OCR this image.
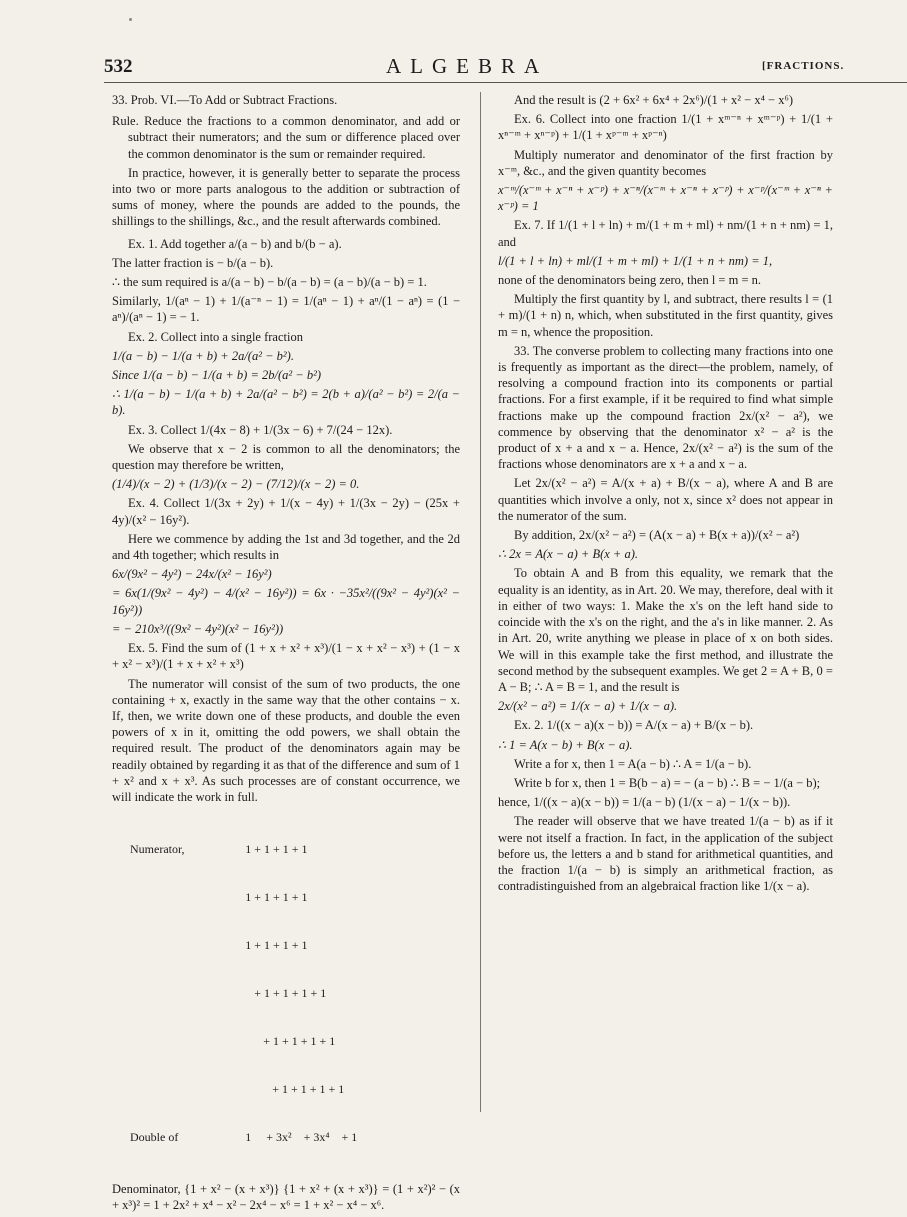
532	ALGEBRA	[FRACTIONS.

33. Prob. VI.—To Add or Subtract Fractions.

Rule. Reduce the fractions to a common denominator, and add or subtract their numerators; and the sum or difference placed over the common denominator is the sum or remainder required.

In practice, however, it is generally better to separate the process into two or more parts analogous to the addition or subtraction of sums of money, where the pounds are added to the pounds, the shillings to the shillings, &c., and the result afterwards combined.

Ex. 1. Add together a/(a − b) and b/(b − a).

The latter fraction is − b/(a − b).

∴ the sum required is a/(a − b) − b/(a − b) = (a − b)/(a − b) = 1.

Similarly, 1/(aⁿ − 1) + 1/(a⁻ⁿ − 1) = 1/(aⁿ − 1) + aⁿ/(1 − aⁿ) = (1 − aⁿ)/(aⁿ − 1) = − 1.

Ex. 2. Collect into a single fraction

1/(a − b) − 1/(a + b) + 2a/(a² − b²).

Since 1/(a − b) − 1/(a + b) = 2b/(a² − b²)

∴ 1/(a − b) − 1/(a + b) + 2a/(a² − b²) = 2(b + a)/(a² − b²) = 2/(a − b).

Ex. 3. Collect 1/(4x − 8) + 1/(3x − 6) + 7/(24 − 12x).

We observe that x − 2 is common to all the denominators; the question may therefore be written,

(1/4)/(x − 2) + (1/3)/(x − 2) − (7/12)/(x − 2) = 0.

Ex. 4. Collect 1/(3x + 2y) + 1/(x − 4y) + 1/(3x − 2y) − (25x + 4y)/(x² − 16y²).

Here we commence by adding the 1st and 3d together, and the 2d and 4th together; which results in

6x/(9x² − 4y²) − 24x/(x² − 16y²)

= 6x(1/(9x² − 4y²) − 4/(x² − 16y²)) = 6x · −35x²/((9x² − 4y²)(x² − 16y²))

= − 210x³/((9x² − 4y²)(x² − 16y²))

Ex. 5. Find the sum of (1 + x + x² + x³)/(1 − x + x² − x³) + (1 − x + x² − x³)/(1 + x + x² + x³)

The numerator will consist of the sum of two products, the one containing + x, exactly in the same way that the other contains − x. If, then, we write down one of these products, and double the even powers of x in it, omitting the odd powers, we shall obtain the required result. The product of the denominators again may be readily obtained by regarding it as that of the difference and sum of 1 + x² and x + x³. As such processes are of constant occurrence, we will indicate the work in full.

Numerator,	1 + 1 + 1 + 1

1 + 1 + 1 + 1

1 + 1 + 1 + 1

+ 1 + 1 + 1 + 1

+ 1 + 1 + 1 + 1

+ 1 + 1 + 1 + 1

Double of	1     + 3x²    + 3x⁴    + 1

Denominator, {1 + x² − (x + x³)} {1 + x² + (x + x³)} = (1 + x²)² − (x + x³)² = 1 + 2x² + x⁴ − x² − 2x⁴ − x⁶ = 1 + x² − x⁴ − x⁶.

And the result is (2 + 6x² + 6x⁴ + 2x⁶)/(1 + x² − x⁴ − x⁶)

Ex. 6. Collect into one fraction 1/(1 + xᵐ⁻ⁿ + xᵐ⁻ᵖ) + 1/(1 + xⁿ⁻ᵐ + xⁿ⁻ᵖ) + 1/(1 + xᵖ⁻ᵐ + xᵖ⁻ⁿ)

Multiply numerator and denominator of the first fraction by x⁻ᵐ, &c., and the given quantity becomes

x⁻ᵐ/(x⁻ᵐ + x⁻ⁿ + x⁻ᵖ) + x⁻ⁿ/(x⁻ᵐ + x⁻ⁿ + x⁻ᵖ) + x⁻ᵖ/(x⁻ᵐ + x⁻ⁿ + x⁻ᵖ) = 1

Ex. 7. If 1/(1 + l + ln) + m/(1 + m + ml) + nm/(1 + n + nm) = 1, and

l/(1 + l + ln) + ml/(1 + m + ml) + 1/(1 + n + nm) = 1,

none of the denominators being zero, then l = m = n.

Multiply the first quantity by l, and subtract, there results l = (1 + m)/(1 + n) n, which, when substituted in the first quantity, gives m = n, whence the proposition.

33. The converse problem to collecting many fractions into one is frequently as important as the direct—the problem, namely, of resolving a compound fraction into its components or partial fractions. For a first example, if it be required to find what simple fractions make up the compound fraction 2x/(x² − a²), we commence by observing that the denominator x² − a² is the product of x + a and x − a. Hence, 2x/(x² − a²) is the sum of the fractions whose denominators are x + a and x − a.

Let 2x/(x² − a²) = A/(x + a) + B/(x − a), where A and B are quantities which involve a only, not x, since x² does not appear in the numerator of the sum.

By addition, 2x/(x² − a²) = (A(x − a) + B(x + a))/(x² − a²)

∴ 2x = A(x − a) + B(x + a).

To obtain A and B from this equality, we remark that the equality is an identity, as in Art. 20. We may, therefore, deal with it in either of two ways: 1. Make the x's on the left hand side to coincide with the x's on the right, and the a's in like manner. 2. As in Art. 20, write anything we please in place of x on both sides. We will in this example take the first method, and illustrate the second method by the subsequent examples. We get 2 = A + B, 0 = A − B; ∴ A = B = 1, and the result is

2x/(x² − a²) = 1/(x − a) + 1/(x − a).

Ex. 2. 1/((x − a)(x − b)) = A/(x − a) + B/(x − b).

∴ 1 = A(x − b) + B(x − a).

Write a for x, then 1 = A(a − b) ∴ A = 1/(a − b).

Write b for x, then 1 = B(b − a) = − (a − b) ∴ B = − 1/(a − b);

hence, 1/((x − a)(x − b)) = 1/(a − b) (1/(x − a) − 1/(x − b)).

The reader will observe that we have treated 1/(a − b) as if it were not itself a fraction. In fact, in the application of the subject before us, the letters a and b stand for arithmetical quantities, and the fraction 1/(a − b) is simply an arithmetical fraction, as contradistinguished from an algebraical fraction like 1/(x − a).
